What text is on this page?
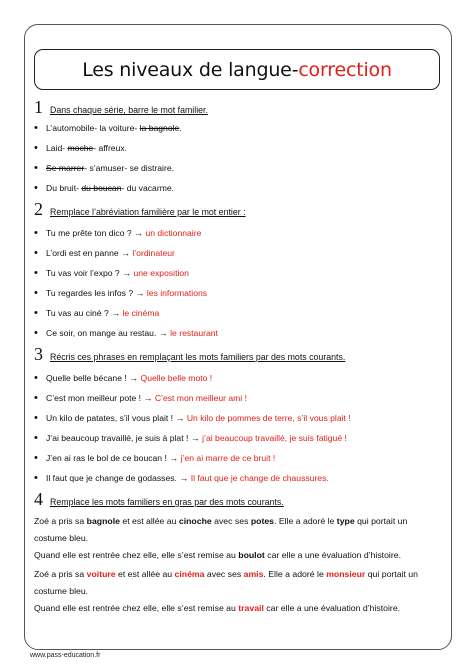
Les niveaux de langue- correction
1 Dans chaque série, barre le mot familier.
• L’automobile- la voiture- la bagnole.
• Laid- moche- affreux.
• Se marrer- s’amuser- se distraire.
• Du bruit- du boucan- du vacarme.
2 Remplace l’abréviation familière par le mot entier :
• Tu me prête ton dico ? → un dictionnaire
• L’ordi est en panne → l’ordinateur
• Tu vas voir l’expo ? → une exposition
• Tu regardes les infos ? → les informations
• Tu vas au ciné ? → le cinéma
• Ce soir, on mange au restau. → le restaurant
3 Récris ces phrases en remplaçant les mots familiers par des mots courants.
• Quelle belle bécane ! → Quelle belle moto !
• C’est mon meilleur pote ! → C’est mon meilleur ami !
• Un kilo de patates, s’il vous plait ! → Un kilo de pommes de terre, s’il vous plait !
• J’ai beaucoup travaillé, je suis à plat ! → j’ai beaucoup travaillé, je suis fatigué !
• J’en ai ras le bol de ce boucan ! → j’en ai marre de ce bruit !
• Il faut que je change de godasses. → Il faut que je change de chaussures.
4 Remplace les mots familiers en gras par des mots courants.
Zoé a pris sa bagnole et est allée au cinoche avec ses potes. Elle a adoré le type qui portait un costume bleu.
Quand elle est rentrée chez elle, elle s’est remise au boulot car elle a une évaluation d’histoire.
Zoé a pris sa voiture et est allée au cinéma avec ses amis. Elle a adoré le monsieur qui portait un costume bleu.
Quand elle est rentrée chez elle, elle s’est remise au travail car elle a une évaluation d’histoire.
www.pass-education.fr
